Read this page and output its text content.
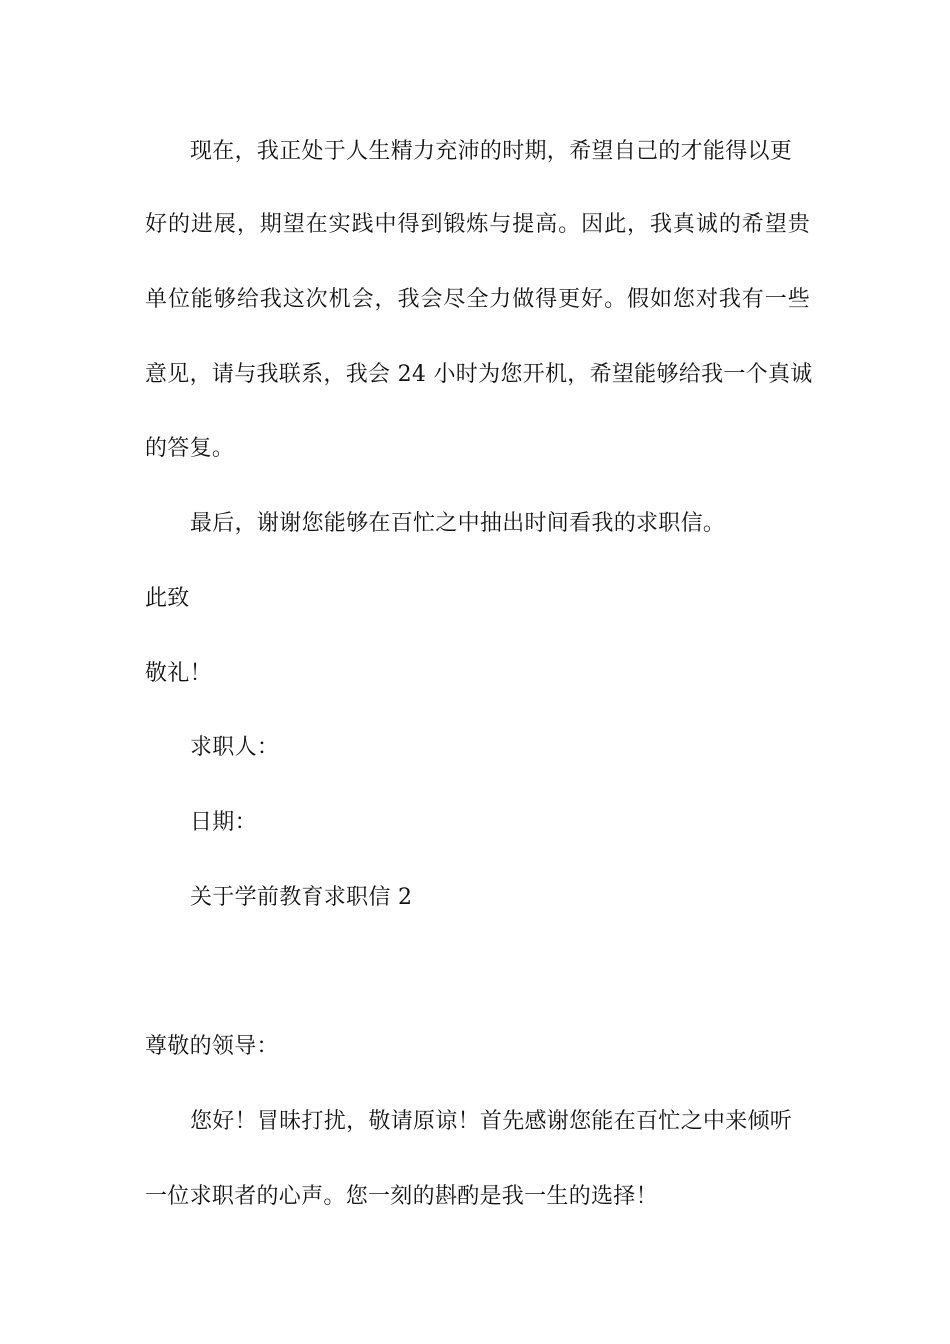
现在，我正处于人生精力充沛的时期，希望自己的才能得以更
好的进展，期望在实践中得到锻炼与提高。因此，我真诚的希望贵
单位能够给我这次机会，我会尽全力做得更好。假如您对我有一些
意见，请与我联系，我会 24 小时为您开机，希望能够给我一个真诚
的答复。
最后，谢谢您能够在百忙之中抽出时间看我的求职信。
此致
敬礼！
求职人：
日期：
关于学前教育求职信 2
尊敬的领导：
您好！冒昧打扰，敬请原谅！首先感谢您能在百忙之中来倾听
一位求职者的心声。您一刻的斟酌是我一生的选择！
